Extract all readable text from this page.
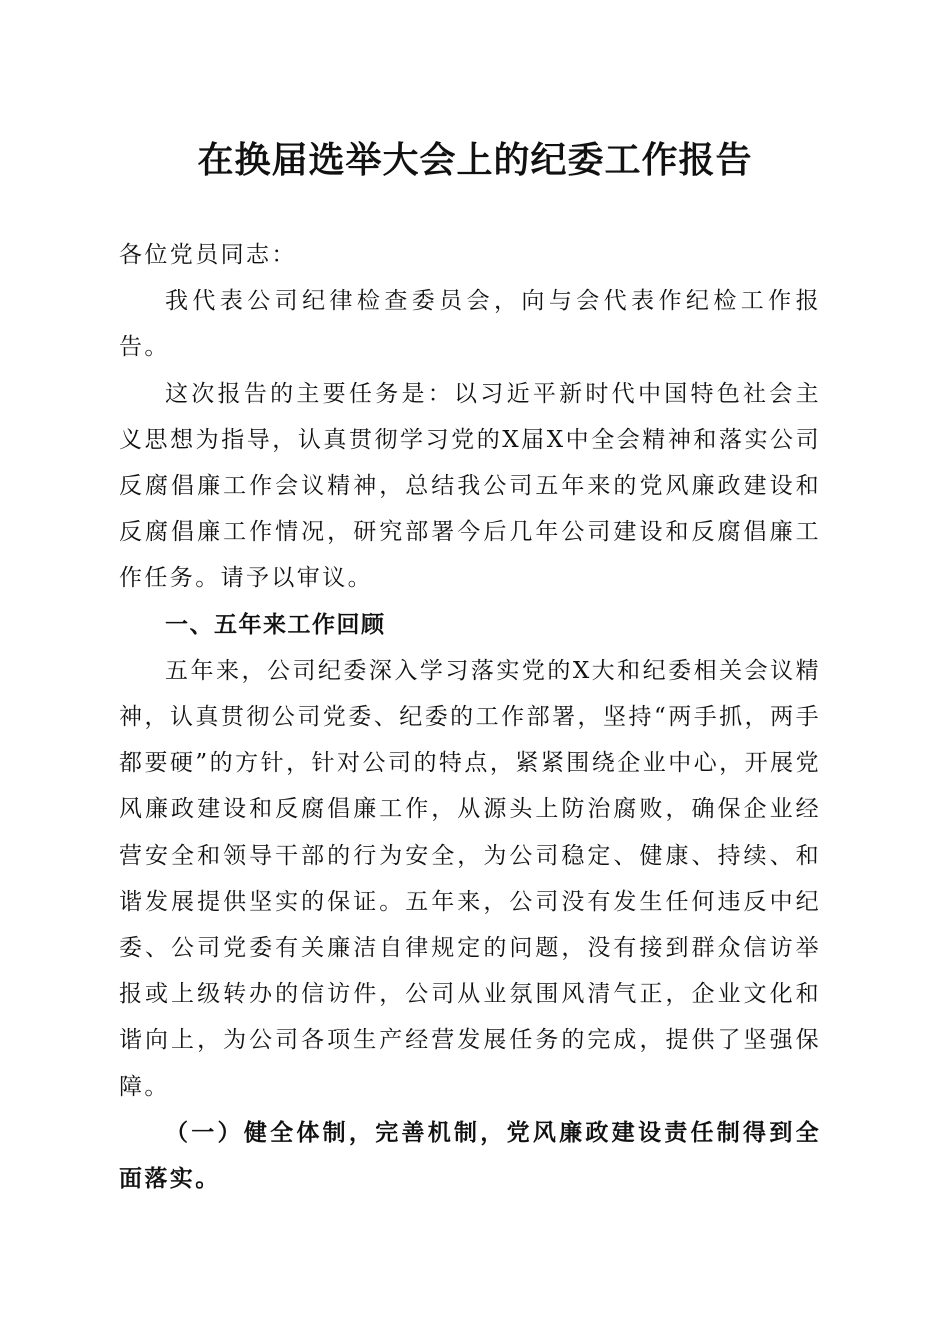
在换届选举大会上的纪委工作报告

各位党员同志：

我代表公司纪律检查委员会，向与会代表作纪检工作报告。

这次报告的主要任务是：以习近平新时代中国特色社会主义思想为指导，认真贯彻学习党的X届X中全会精神和落实公司反腐倡廉工作会议精神，总结我公司五年来的党风廉政建设和反腐倡廉工作情况，研究部署今后几年公司建设和反腐倡廉工作任务。请予以审议。

一、五年来工作回顾

五年来，公司纪委深入学习落实党的X大和纪委相关会议精神，认真贯彻公司党委、纪委的工作部署，坚持“两手抓，两手都要硬”的方针，针对公司的特点，紧紧围绕企业中心，开展党风廉政建设和反腐倡廉工作，从源头上防治腐败，确保企业经营安全和领导干部的行为安全，为公司稳定、健康、持续、和谐发展提供坚实的保证。五年来，公司没有发生任何违反中纪委、公司党委有关廉洁自律规定的问题，没有接到群众信访举报或上级转办的信访件，公司从业氛围风清气正，企业文化和谐向上，为公司各项生产经营发展任务的完成，提供了坚强保障。

（一）健全体制，完善机制，党风廉政建设责任制得到全面落实。
